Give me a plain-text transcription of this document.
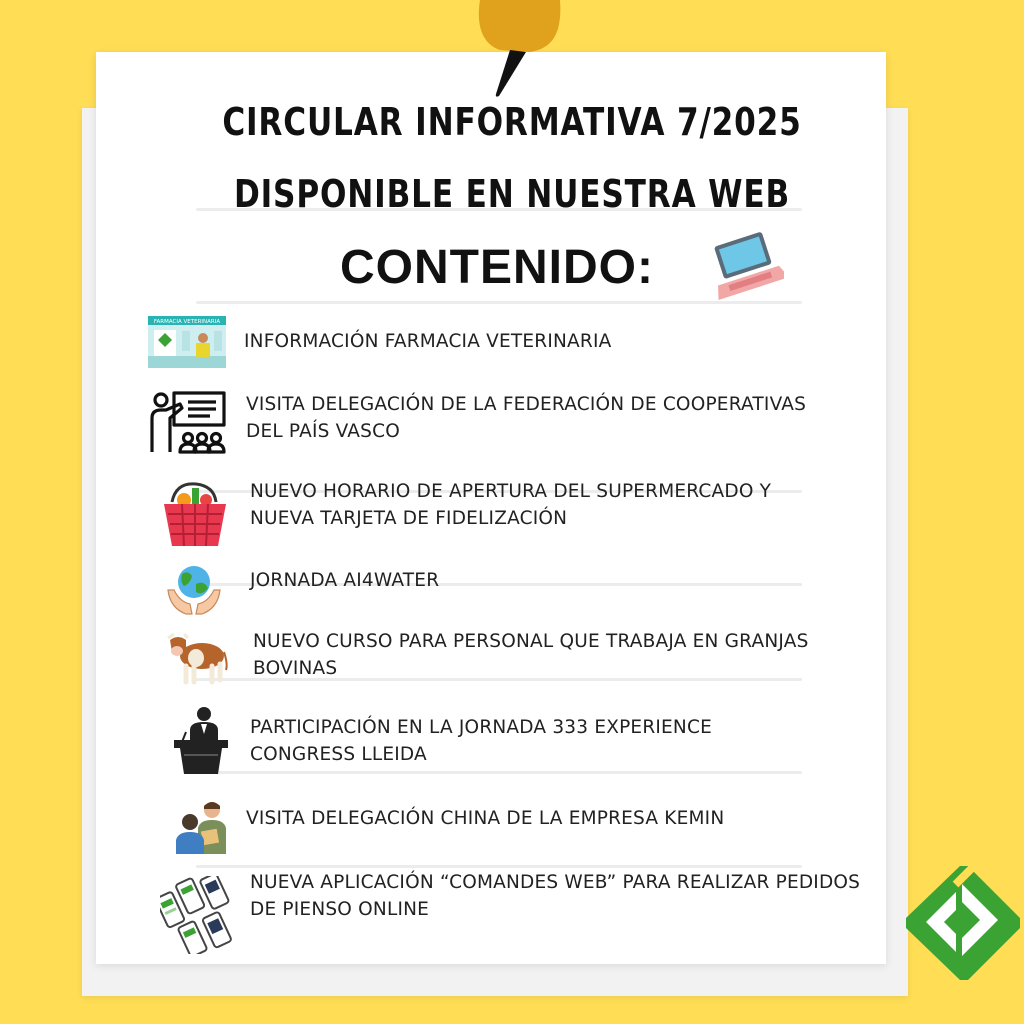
CIRCULAR INFORMATIVA 7/2025
DISPONIBLE EN NUESTRA WEB
CONTENIDO:
FARMACIA VETERINARIA
INFORMACIÓN FARMACIA VETERINARIA
VISITA DELEGACIÓN DE LA FEDERACIÓN DE COOPERATIVAS
DEL PAÍS VASCO
NUEVO HORARIO DE APERTURA DEL SUPERMERCADO Y
NUEVA TARJETA DE FIDELIZACIÓN
JORNADA AI4WATER
NUEVO CURSO PARA PERSONAL QUE TRABAJA EN GRANJAS
BOVINAS
PARTICIPACIÓN EN LA JORNADA 333 EXPERIENCE
CONGRESS LLEIDA
VISITA DELEGACIÓN CHINA DE LA EMPRESA KEMIN
NUEVA APLICACIÓN “COMANDES WEB” PARA REALIZAR PEDIDOS
DE PIENSO ONLINE
